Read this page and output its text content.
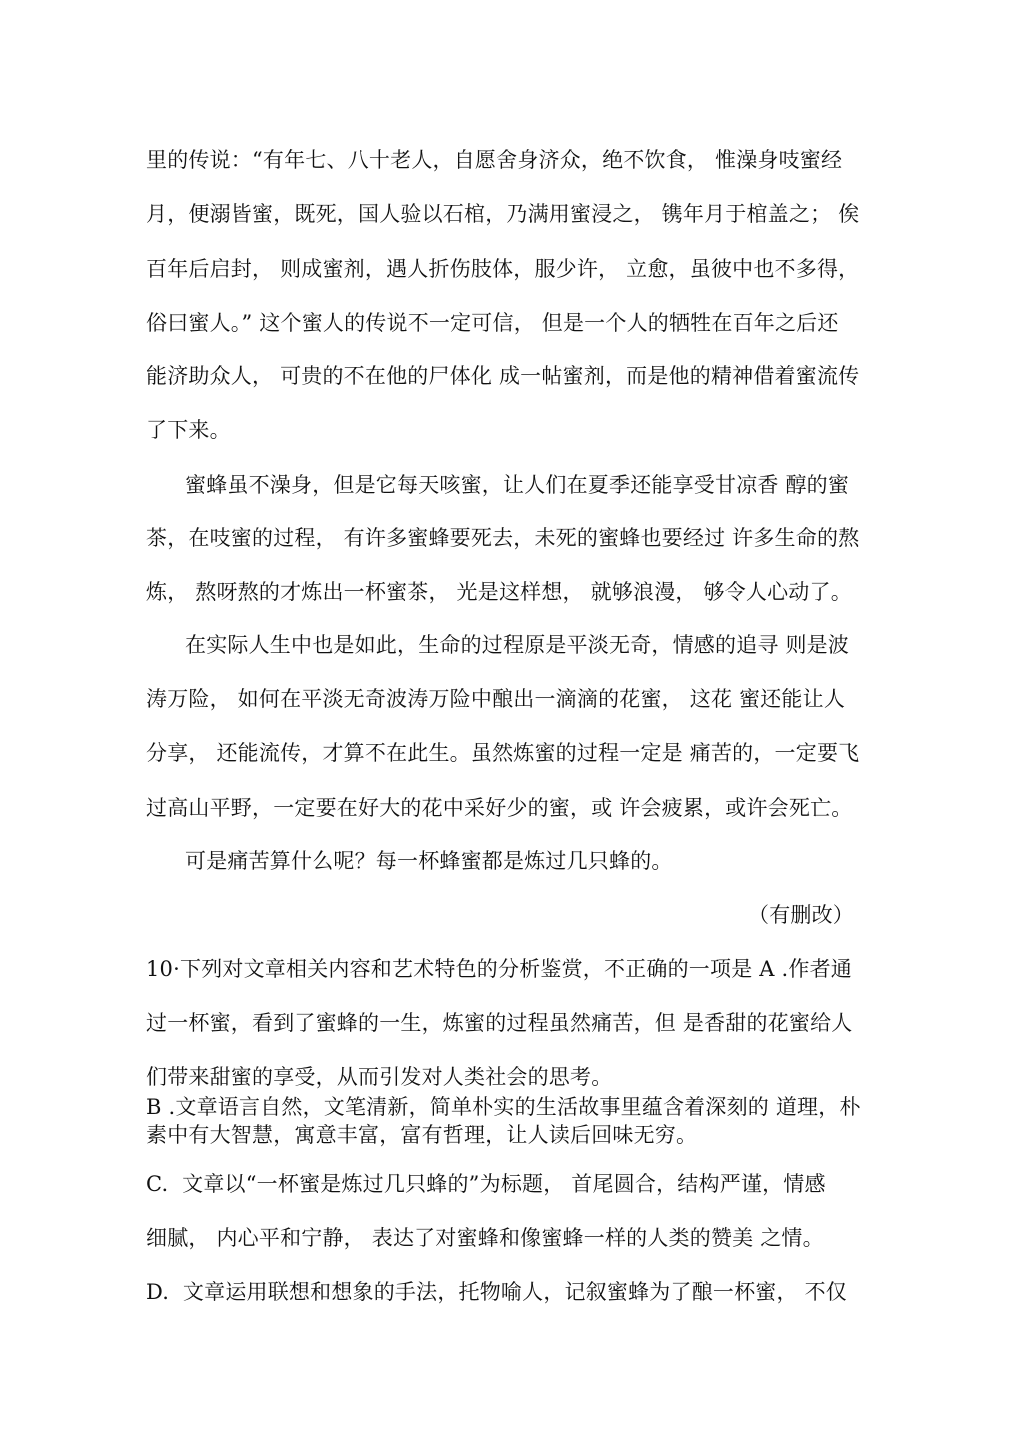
里的传说：“有年七、八十老人，自愿舍身济众，绝不饮食， 惟澡身吱蜜经
月，便溺皆蜜，既死，国人验以石棺，乃满用蜜浸之， 镌年月于棺盖之； 俟
百年后启封， 则成蜜剂，遇人折伤肢体，服少许， 立愈，虽彼中也不多得，
俗曰蜜人。” 这个蜜人的传说不一定可信， 但是一个人的牺牲在百年之后还
能济助众人， 可贵的不在他的尸体化 成一帖蜜剂，而是他的精神借着蜜流传
了下来。
蜜蜂虽不澡身，但是它每天咳蜜，让人们在夏季还能享受甘凉香 醇的蜜
茶，在吱蜜的过程， 有许多蜜蜂要死去，未死的蜜蜂也要经过 许多生命的熬
炼， 熬呀熬的才炼出一杯蜜茶， 光是这样想， 就够浪漫， 够令人心动了。
在实际人生中也是如此，生命的过程原是平淡无奇，情感的追寻 则是波
涛万险， 如何在平淡无奇波涛万险中酿出一滴滴的花蜜， 这花 蜜还能让人
分享， 还能流传，才算不在此生。虽然炼蜜的过程一定是 痛苦的，一定要飞
过高山平野，一定要在好大的花中采好少的蜜，或 许会疲累，或许会死亡。
可是痛苦算什么呢？每一杯蜂蜜都是炼过几只蜂的。
（有删改）
10·下列对文章相关内容和艺术特色的分析鉴赏，不正确的一项是 A .作者通
过一杯蜜，看到了蜜蜂的一生，炼蜜的过程虽然痛苦，但 是香甜的花蜜给人
们带来甜蜜的享受，从而引发对人类社会的思考。
B .文章语言自然，文笔清新，简单朴实的生活故事里蕴含着深刻的 道理，朴
素中有大智慧，寓意丰富，富有哲理，让人读后回味无穷。
C.  文章以“一杯蜜是炼过几只蜂的”为标题， 首尾圆合，结构严谨，情感
细腻， 内心平和宁静， 表达了对蜜蜂和像蜜蜂一样的人类的赞美 之情。
D.  文章运用联想和想象的手法，托物喻人，记叙蜜蜂为了酿一杯蜜， 不仅
